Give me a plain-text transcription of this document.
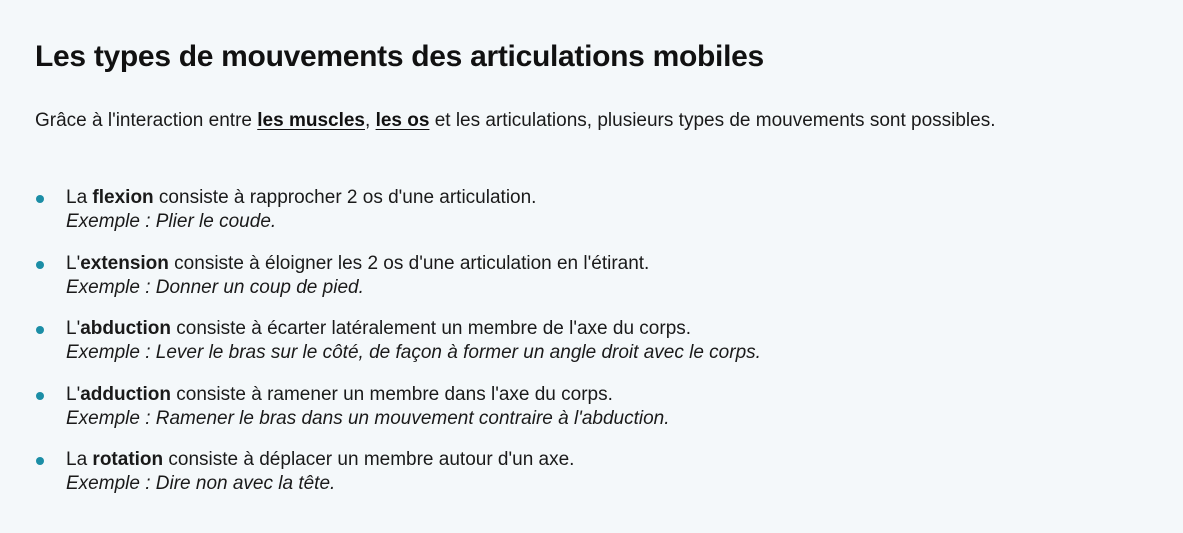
Les types de mouvements des articulations mobiles

Grâce à l'interaction entre les muscles, les os et les articulations, plusieurs types de mouvements sont possibles.

La flexion consiste à rapprocher 2 os d'une articulation.
Exemple : Plier le coude.
L'extension consiste à éloigner les 2 os d'une articulation en l'étirant.
Exemple : Donner un coup de pied.
L'abduction consiste à écarter latéralement un membre de l'axe du corps.
Exemple : Lever le bras sur le côté, de façon à former un angle droit avec le corps.
L'adduction consiste à ramener un membre dans l'axe du corps.
Exemple : Ramener le bras dans un mouvement contraire à l'abduction.
La rotation consiste à déplacer un membre autour d'un axe.
Exemple : Dire non avec la tête.
